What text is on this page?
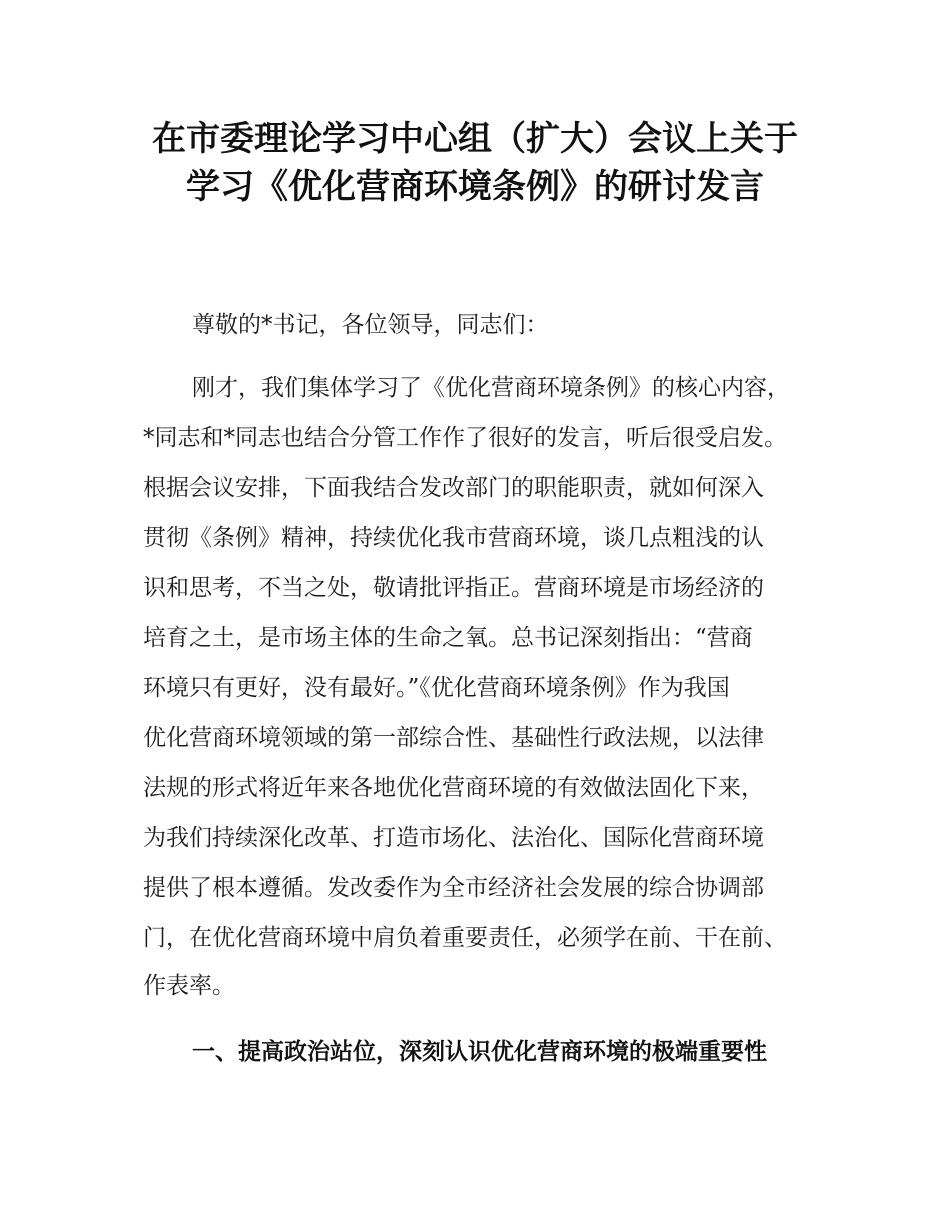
在市委理论学习中心组（扩大）会议上关于
学习《优化营商环境条例》的研讨发言
尊敬的*书记，各位领导，同志们：
刚才，我们集体学习了《优化营商环境条例》的核心内容，
*同志和*同志也结合分管工作作了很好的发言，听后很受启发。
根据会议安排，下面我结合发改部门的职能职责，就如何深入
贯彻《条例》精神，持续优化我市营商环境，谈几点粗浅的认
识和思考，不当之处，敬请批评指正。营商环境是市场经济的
培育之土，是市场主体的生命之氧。总书记深刻指出：“营商
环境只有更好，没有最好。”《优化营商环境条例》作为我国
优化营商环境领域的第一部综合性、基础性行政法规，以法律
法规的形式将近年来各地优化营商环境的有效做法固化下来，
为我们持续深化改革、打造市场化、法治化、国际化营商环境
提供了根本遵循。发改委作为全市经济社会发展的综合协调部
门，在优化营商环境中肩负着重要责任，必须学在前、干在前、
作表率。
一、提高政治站位，深刻认识优化营商环境的极端重要性
